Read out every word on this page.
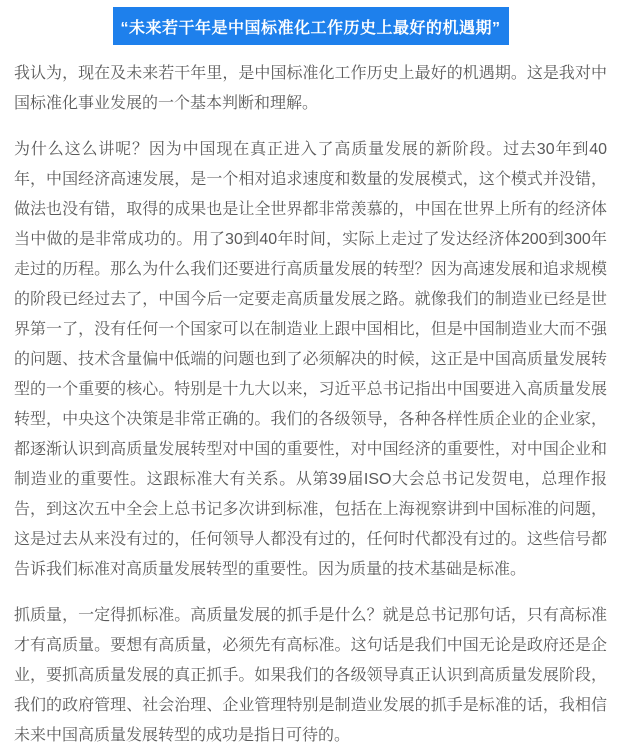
“未来若干年是中国标准化工作历史上最好的机遇期”

我认为，现在及未来若干年里，是中国标准化工作历史上最好的机遇期。这是我对中国标准化事业发展的一个基本判断和理解。

为什么这么讲呢？因为中国现在真正进入了高质量发展的新阶段。过去30年到40年，中国经济高速发展，是一个相对追求速度和数量的发展模式，这个模式并没错，做法也没有错，取得的成果也是让全世界都非常羡慕的，中国在世界上所有的经济体当中做的是非常成功的。用了30到40年时间，实际上走过了发达经济体200到300年走过的历程。那么为什么我们还要进行高质量发展的转型？因为高速发展和追求规模的阶段已经过去了，中国今后一定要走高质量发展之路。就像我们的制造业已经是世界第一了，没有任何一个国家可以在制造业上跟中国相比，但是中国制造业大而不强的问题、技术含量偏中低端的问题也到了必须解决的时候，这正是中国高质量发展转型的一个重要的核心。特别是十九大以来，习近平总书记指出中国要进入高质量发展转型，中央这个决策是非常正确的。我们的各级领导，各种各样性质企业的企业家，都逐渐认识到高质量发展转型对中国的重要性，对中国经济的重要性，对中国企业和制造业的重要性。这跟标准大有关系。从第39届ISO大会总书记发贺电，总理作报告，到这次五中全会上总书记多次讲到标准，包括在上海视察讲到中国标准的问题，这是过去从来没有过的，任何领导人都没有过的，任何时代都没有过的。这些信号都告诉我们标准对高质量发展转型的重要性。因为质量的技术基础是标准。

抓质量，一定得抓标准。高质量发展的抓手是什么？就是总书记那句话，只有高标准才有高质量。要想有高质量，必须先有高标准。这句话是我们中国无论是政府还是企业，要抓高质量发展的真正抓手。如果我们的各级领导真正认识到高质量发展阶段，我们的政府管理、社会治理、企业管理特别是制造业发展的抓手是标准的话，我相信未来中国高质量发展转型的成功是指日可待的。
